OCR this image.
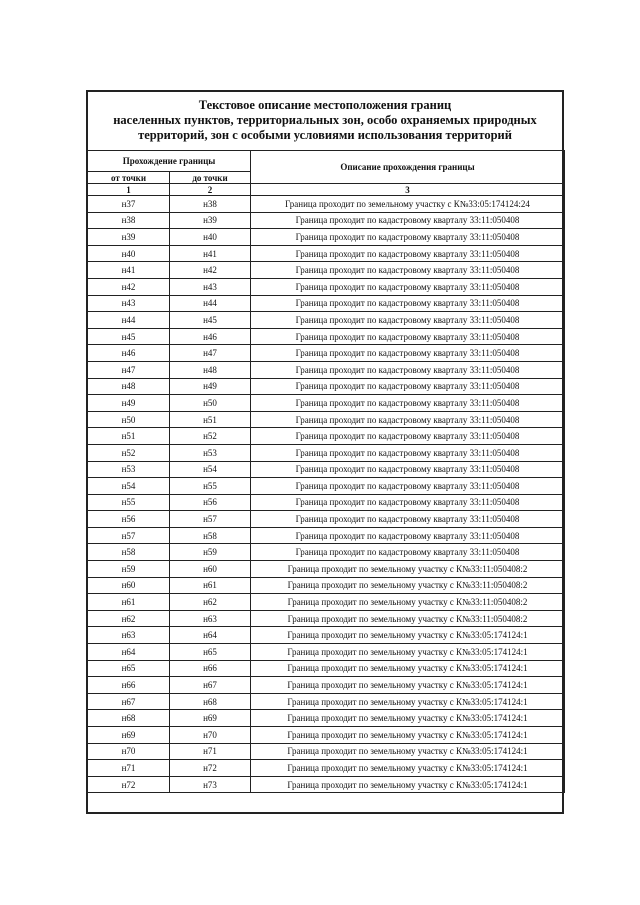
Текстовое описание местоположения границ
населенных пунктов, территориальных зон, особо охраняемых природных
территорий, зон с особыми условиями использования территорий
Прохождение границы		Описание прохождения границы
от точки	до точки	
1	2	3
н37	н38	Граница проходит по земельному участку с К№33:05:174124:24
н38	н39	Граница проходит по кадастровому кварталу 33:11:050408
н39	н40	Граница проходит по кадастровому кварталу 33:11:050408
н40	н41	Граница проходит по кадастровому кварталу 33:11:050408
н41	н42	Граница проходит по кадастровому кварталу 33:11:050408
н42	н43	Граница проходит по кадастровому кварталу 33:11:050408
н43	н44	Граница проходит по кадастровому кварталу 33:11:050408
н44	н45	Граница проходит по кадастровому кварталу 33:11:050408
н45	н46	Граница проходит по кадастровому кварталу 33:11:050408
н46	н47	Граница проходит по кадастровому кварталу 33:11:050408
н47	н48	Граница проходит по кадастровому кварталу 33:11:050408
н48	н49	Граница проходит по кадастровому кварталу 33:11:050408
н49	н50	Граница проходит по кадастровому кварталу 33:11:050408
н50	н51	Граница проходит по кадастровому кварталу 33:11:050408
н51	н52	Граница проходит по кадастровому кварталу 33:11:050408
н52	н53	Граница проходит по кадастровому кварталу 33:11:050408
н53	н54	Граница проходит по кадастровому кварталу 33:11:050408
н54	н55	Граница проходит по кадастровому кварталу 33:11:050408
н55	н56	Граница проходит по кадастровому кварталу 33:11:050408
н56	н57	Граница проходит по кадастровому кварталу 33:11:050408
н57	н58	Граница проходит по кадастровому кварталу 33:11:050408
н58	н59	Граница проходит по кадастровому кварталу 33:11:050408
н59	н60	Граница проходит по земельному участку с К№33:11:050408:2
н60	н61	Граница проходит по земельному участку с К№33:11:050408:2
н61	н62	Граница проходит по земельному участку с К№33:11:050408:2
н62	н63	Граница проходит по земельному участку с К№33:11:050408:2
н63	н64	Граница проходит по земельному участку с К№33:05:174124:1
н64	н65	Граница проходит по земельному участку с К№33:05:174124:1
н65	н66	Граница проходит по земельному участку с К№33:05:174124:1
н66	н67	Граница проходит по земельному участку с К№33:05:174124:1
н67	н68	Граница проходит по земельному участку с К№33:05:174124:1
н68	н69	Граница проходит по земельному участку с К№33:05:174124:1
н69	н70	Граница проходит по земельному участку с К№33:05:174124:1
н70	н71	Граница проходит по земельному участку с К№33:05:174124:1
н71	н72	Граница проходит по земельному участку с К№33:05:174124:1
н72	н73	Граница проходит по земельному участку с К№33:05:174124:1
